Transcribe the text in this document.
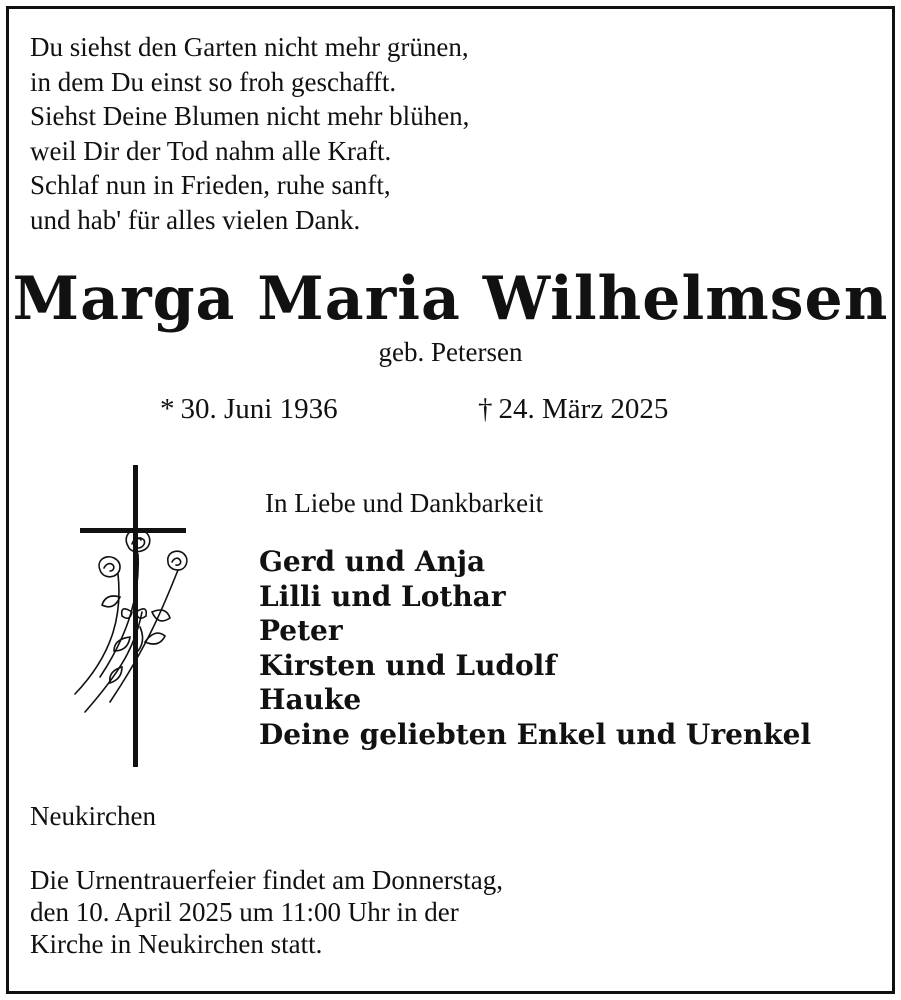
Du siehst den Garten nicht mehr grünen,
in dem Du einst so froh geschafft.
Siehst Deine Blumen nicht mehr blühen,
weil Dir der Tod nahm alle Kraft.
Schlaf nun in Frieden, ruhe sanft,
und hab' für alles vielen Dank.
Marga Maria Wilhelmsen
geb. Petersen
* 30. Juni 1936	† 24. März 2025
In Liebe und Dankbarkeit
Gerd und Anja
Lilli und Lothar
Peter
Kirsten und Ludolf
Hauke
Deine geliebten Enkel und Urenkel
Neukirchen
Die Urnentrauerfeier findet am Donnerstag,
den 10. April 2025 um 11:00 Uhr in der
Kirche in Neukirchen statt.
